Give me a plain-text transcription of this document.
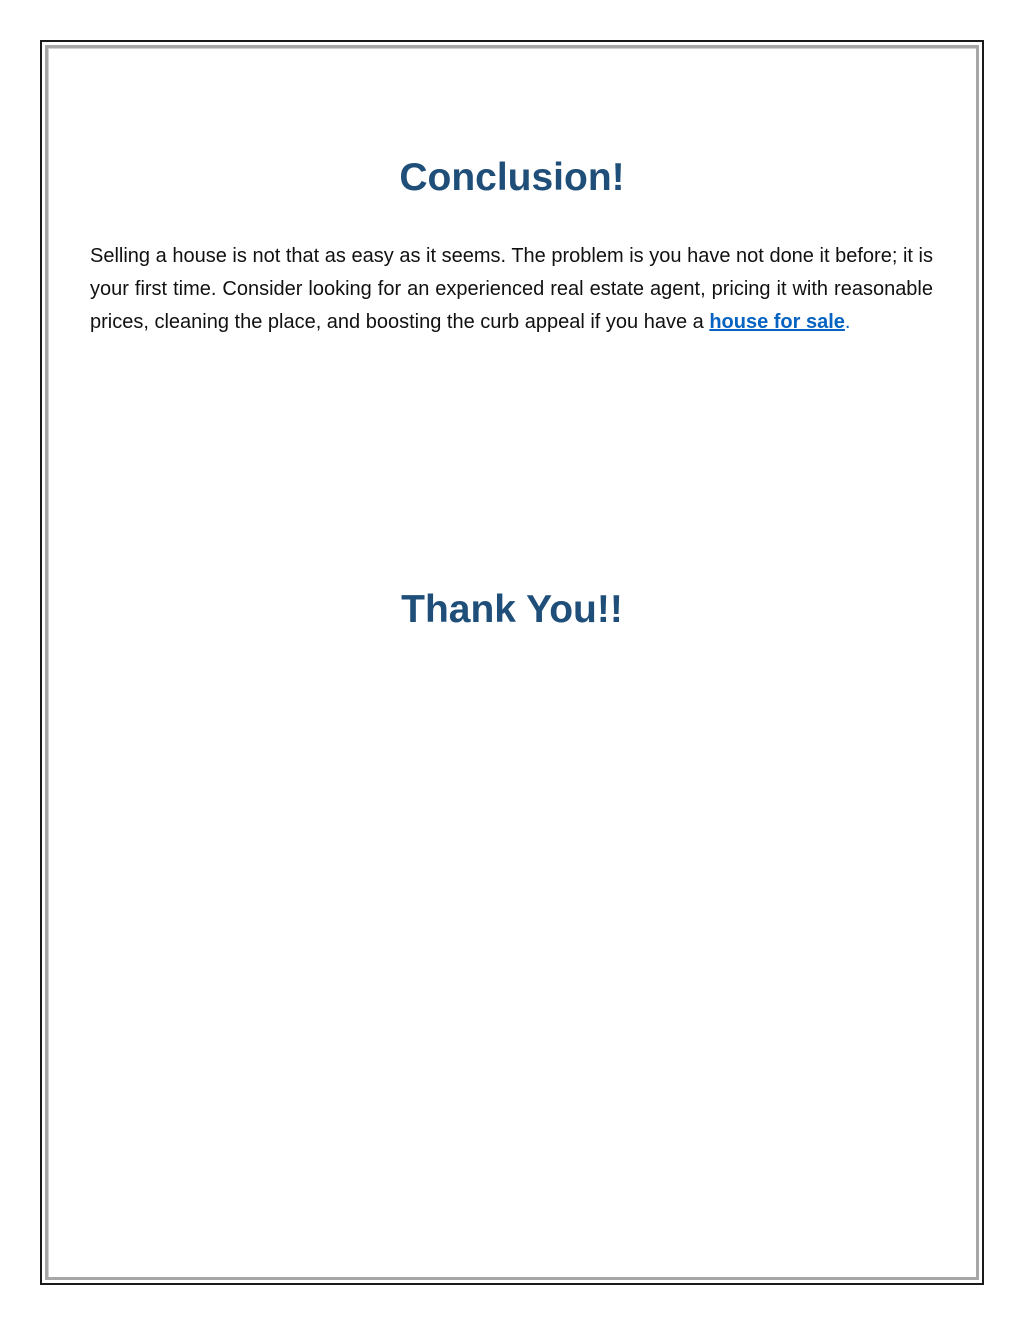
Conclusion!

Selling a house is not that as easy as it seems. The problem is you have not done it before; it is your first time. Consider looking for an experienced real estate agent, pricing it with reasonable prices, cleaning the place, and boosting the curb appeal if you have a house for sale.

Thank You!!
